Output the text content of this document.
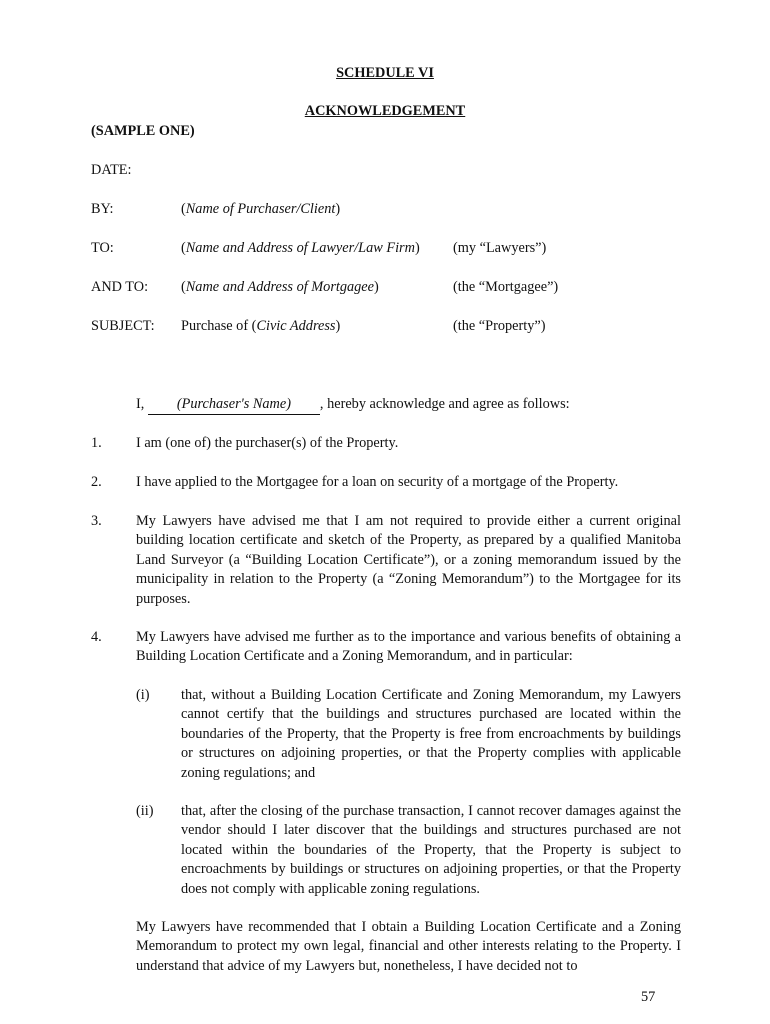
SCHEDULE VI
ACKNOWLEDGEMENT
(SAMPLE ONE)
DATE:
BY:	(Name of Purchaser/Client)
TO:	(Name and Address of Lawyer/Law Firm) (my “Lawyers”)
AND TO: (Name and Address of Mortgagee)	(the “Mortgagee”)
SUBJECT: Purchase of (Civic Address)	(the “Property”)
I, (Purchaser's Name) , hereby acknowledge and agree as follows:
1. I am (one of) the purchaser(s) of the Property.
2. I have applied to the Mortgagee for a loan on security of a mortgage of the Property.
3. My Lawyers have advised me that I am not required to provide either a current original building location certificate and sketch of the Property, as prepared by a qualified Manitoba Land Surveyor (a “Building Location Certificate”), or a zoning memorandum issued by the municipality in relation to the Property (a “Zoning Memorandum”) to the Mortgagee for its purposes.
4. My Lawyers have advised me further as to the importance and various benefits of obtaining a Building Location Certificate and a Zoning Memorandum, and in particular:
(i) that, without a Building Location Certificate and Zoning Memorandum, my Lawyers cannot certify that the buildings and structures purchased are located within the boundaries of the Property, that the Property is free from encroachments by buildings or structures on adjoining properties, or that the Property complies with applicable zoning regulations; and
(ii) that, after the closing of the purchase transaction, I cannot recover damages against the vendor should I later discover that the buildings and structures purchased are not located within the boundaries of the Property, that the Property is subject to encroachments by buildings or structures on adjoining properties, or that the Property does not comply with applicable zoning regulations.
My Lawyers have recommended that I obtain a Building Location Certificate and a Zoning Memorandum to protect my own legal, financial and other interests relating to the Property. I understand that advice of my Lawyers but, nonetheless, I have decided not to
57
